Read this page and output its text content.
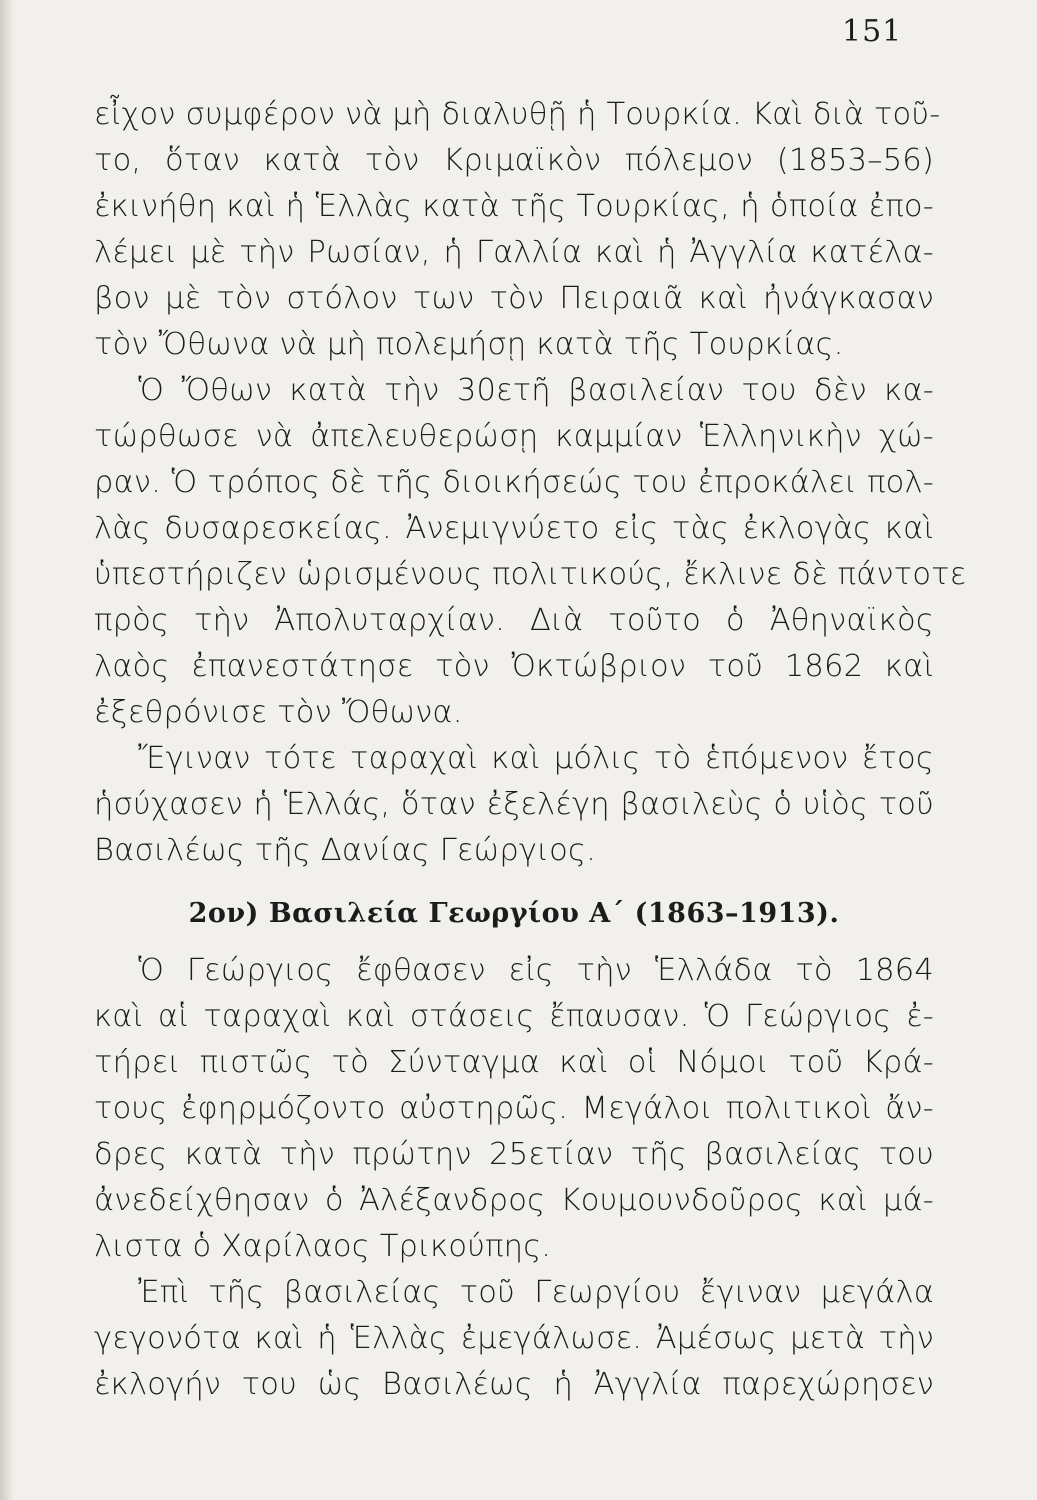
151
εἶχον συμφέρον νὰ μὴ διαλυθῇ ἡ Τουρκία. Καὶ διὰ τοῦ-
το, ὅταν κατὰ τὸν Κριμαϊκὸν πόλεμον (1853–56)
ἐκινήθη καὶ ἡ Ἑλλὰς κατὰ τῆς Τουρκίας, ἡ ὁποία ἐπο-
λέμει μὲ τὴν Ρωσίαν, ἡ Γαλλία καὶ ἡ Ἀγγλία κατέλα-
βον μὲ τὸν στόλον των τὸν Πειραιᾶ καὶ ἠνάγκασαν
τὸν Ὄθωνα νὰ μὴ πολεμήσῃ κατὰ τῆς Τουρκίας.
Ὁ Ὄθων κατὰ τὴν 30ετῆ βασιλείαν του δὲν κα-
τώρθωσε νὰ ἀπελευθερώσῃ καμμίαν Ἑλληνικὴν χώ-
ραν. Ὁ τρόπος δὲ τῆς διοικήσεώς του ἐπροκάλει πολ-
λὰς δυσαρεσκείας. Ἀνεμιγνύετο εἰς τὰς ἐκλογὰς καὶ
ὑπεστήριζεν ὡρισμένους πολιτικούς, ἔκλινε δὲ πάντοτε
πρὸς τὴν Ἀπολυταρχίαν. Διὰ τοῦτο ὁ Ἀθηναϊκὸς
λαὸς ἐπανεστάτησε τὸν Ὀκτώβριον τοῦ 1862 καὶ
ἐξεθρόνισε τὸν Ὄθωνα.
Ἔγιναν τότε ταραχαὶ καὶ μόλις τὸ ἑπόμενον ἔτος
ἡσύχασεν ἡ Ἑλλάς, ὅταν ἐξελέγη βασιλεὺς ὁ υἱὸς τοῦ
Βασιλέως τῆς Δανίας Γεώργιος.
2ον) Βασιλεία Γεωργίου Α΄ (1863–1913).
Ὁ Γεώργιος ἔφθασεν εἰς τὴν Ἑλλάδα τὸ 1864
καὶ αἱ ταραχαὶ καὶ στάσεις ἔπαυσαν. Ὁ Γεώργιος ἐ-
τήρει πιστῶς τὸ Σύνταγμα καὶ οἱ Νόμοι τοῦ Κρά-
τους ἐφηρμόζοντο αὐστηρῶς. Μεγάλοι πολιτικοὶ ἄν-
δρες κατὰ τὴν πρώτην 25ετίαν τῆς βασιλείας του
ἀνεδείχθησαν ὁ Ἀλέξανδρος Κουμουνδοῦρος καὶ μά-
λιστα ὁ Χαρίλαος Τρικούπης.
Ἐπὶ τῆς βασιλείας τοῦ Γεωργίου ἔγιναν μεγάλα
γεγονότα καὶ ἡ Ἑλλὰς ἐμεγάλωσε. Ἀμέσως μετὰ τὴν
ἐκλογήν του ὡς Βασιλέως ἡ Ἀγγλία παρεχώρησεν
